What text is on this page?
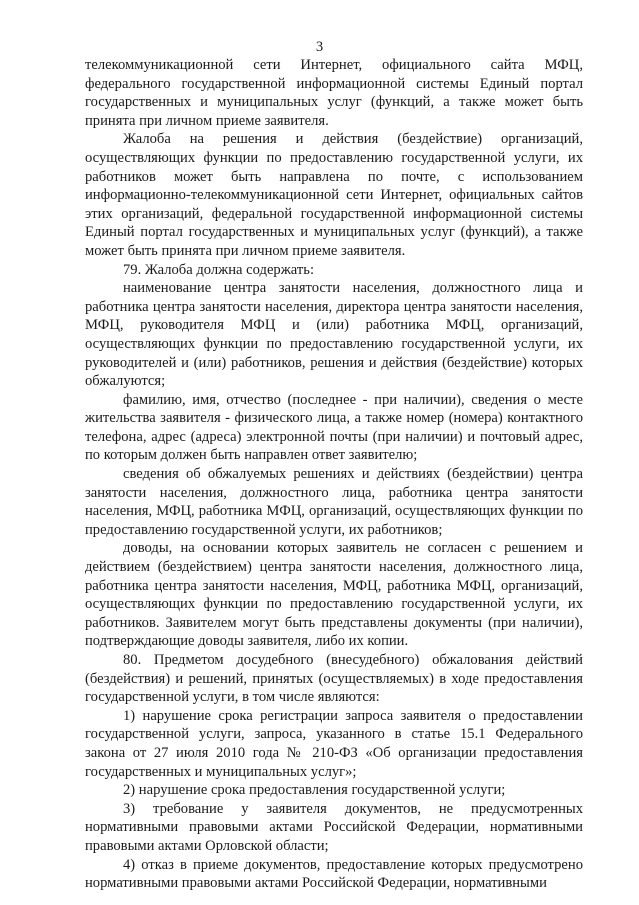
3

телекоммуникационной сети Интернет, официального сайта МФЦ, федерального государственной информационной системы Единый портал государственных и муниципальных услуг (функций, а также может быть принята при личном приеме заявителя.

Жалоба на решения и действия (бездействие) организаций, осуществляющих функции по предоставлению государственной услуги, их работников может быть направлена по почте, с использованием информационно-телекоммуникационной сети Интернет, официальных сайтов этих организаций, федеральной государственной информационной системы Единый портал государственных и муниципальных услуг (функций), а также может быть принята при личном приеме заявителя.

79. Жалоба должна содержать:

наименование центра занятости населения, должностного лица и работника центра занятости населения, директора центра занятости населения, МФЦ, руководителя МФЦ и (или) работника МФЦ, организаций, осуществляющих функции по предоставлению государственной услуги, их руководителей и (или) работников, решения и действия (бездействие) которых обжалуются;

фамилию, имя, отчество (последнее - при наличии), сведения о месте жительства заявителя - физического лица, а также номер (номера) контактного телефона, адрес (адреса) электронной почты (при наличии) и почтовый адрес, по которым должен быть направлен ответ заявителю;

сведения об обжалуемых решениях и действиях (бездействии) центра занятости населения, должностного лица, работника центра занятости населения, МФЦ, работника МФЦ, организаций, осуществляющих функции по предоставлению государственной услуги, их работников;

доводы, на основании которых заявитель не согласен с решением и действием (бездействием) центра занятости населения, должностного лица, работника центра занятости населения, МФЦ, работника МФЦ, организаций, осуществляющих функции по предоставлению государственной услуги, их работников. Заявителем могут быть представлены документы (при наличии), подтверждающие доводы заявителя, либо их копии.

80. Предметом досудебного (внесудебного) обжалования действий (бездействия) и решений, принятых (осуществляемых) в ходе предоставления государственной услуги, в том числе являются:

1) нарушение срока регистрации запроса заявителя о предоставлении государственной услуги, запроса, указанного в статье 15.1 Федерального закона от 27 июля 2010 года № 210-ФЗ «Об организации предоставления государственных и муниципальных услуг»;

2) нарушение срока предоставления государственной услуги;

3) требование у заявителя документов, не предусмотренных нормативными правовыми актами Российской Федерации, нормативными правовыми актами Орловской области;

4) отказ в приеме документов, предоставление которых предусмотрено нормативными правовыми актами Российской Федерации, нормативными
